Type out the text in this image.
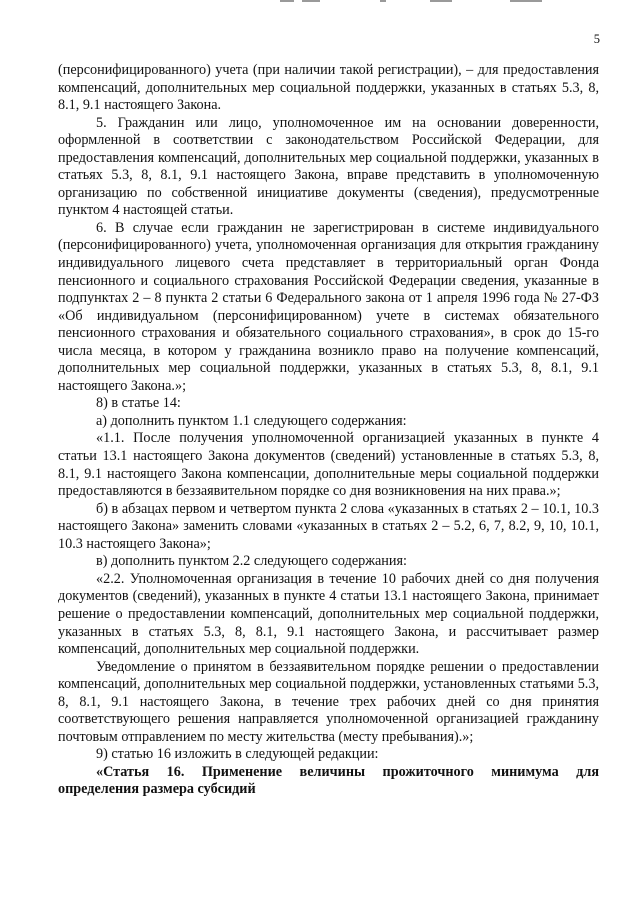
5

(персонифицированного) учета (при наличии такой регистрации), – для предоставления компенсаций, дополнительных мер социальной поддержки, указанных в статьях 5.3, 8, 8.1, 9.1 настоящего Закона.

5. Гражданин или лицо, уполномоченное им на основании доверенности, оформленной в соответствии с законодательством Российской Федерации, для предоставления компенсаций, дополнительных мер социальной поддержки, указанных в статьях 5.3, 8, 8.1, 9.1 настоящего Закона, вправе представить в уполномоченную организацию по собственной инициативе документы (сведения), предусмотренные пунктом 4 настоящей статьи.

6. В случае если гражданин не зарегистрирован в системе индивидуального (персонифицированного) учета, уполномоченная организация для открытия гражданину индивидуального лицевого счета представляет в территориальный орган Фонда пенсионного и социального страхования Российской Федерации сведения, указанные в подпунктах 2 – 8 пункта 2 статьи 6 Федерального закона от 1 апреля 1996 года № 27-ФЗ «Об индивидуальном (персонифицированном) учете в системах обязательного пенсионного страхования и обязательного социального страхования», в срок до 15-го числа месяца, в котором у гражданина возникло право на получение компенсаций, дополнительных мер социальной поддержки, указанных в статьях 5.3, 8, 8.1, 9.1 настоящего Закона.»;

8) в статье 14:

а) дополнить пунктом 1.1 следующего содержания:

«1.1. После получения уполномоченной организацией указанных в пункте 4 статьи 13.1 настоящего Закона документов (сведений) установленные в статьях 5.3, 8, 8.1, 9.1 настоящего Закона компенсации, дополнительные меры социальной поддержки предоставляются в беззаявительном порядке со дня возникновения на них права.»;

б) в абзацах первом и четвертом пункта 2 слова «указанных в статьях 2 – 10.1, 10.3 настоящего Закона» заменить словами «указанных в статьях 2 – 5.2, 6, 7, 8.2, 9, 10, 10.1, 10.3 настоящего Закона»;

в) дополнить пунктом 2.2 следующего содержания:

«2.2. Уполномоченная организация в течение 10 рабочих дней со дня получения документов (сведений), указанных в пункте 4 статьи 13.1 настоящего Закона, принимает решение о предоставлении компенсаций, дополнительных мер социальной поддержки, указанных в статьях 5.3, 8, 8.1, 9.1 настоящего Закона, и рассчитывает размер компенсаций, дополнительных мер социальной поддержки.

Уведомление о принятом в беззаявительном порядке решении о предоставлении компенсаций, дополнительных мер социальной поддержки, установленных статьями 5.3, 8, 8.1, 9.1 настоящего Закона, в течение трех рабочих дней со дня принятия соответствующего решения направляется уполномоченной организацией гражданину почтовым отправлением по месту жительства (месту пребывания).»;

9) статью 16 изложить в следующей редакции:

«Статья 16. Применение величины прожиточного минимума для определения размера субсидий
